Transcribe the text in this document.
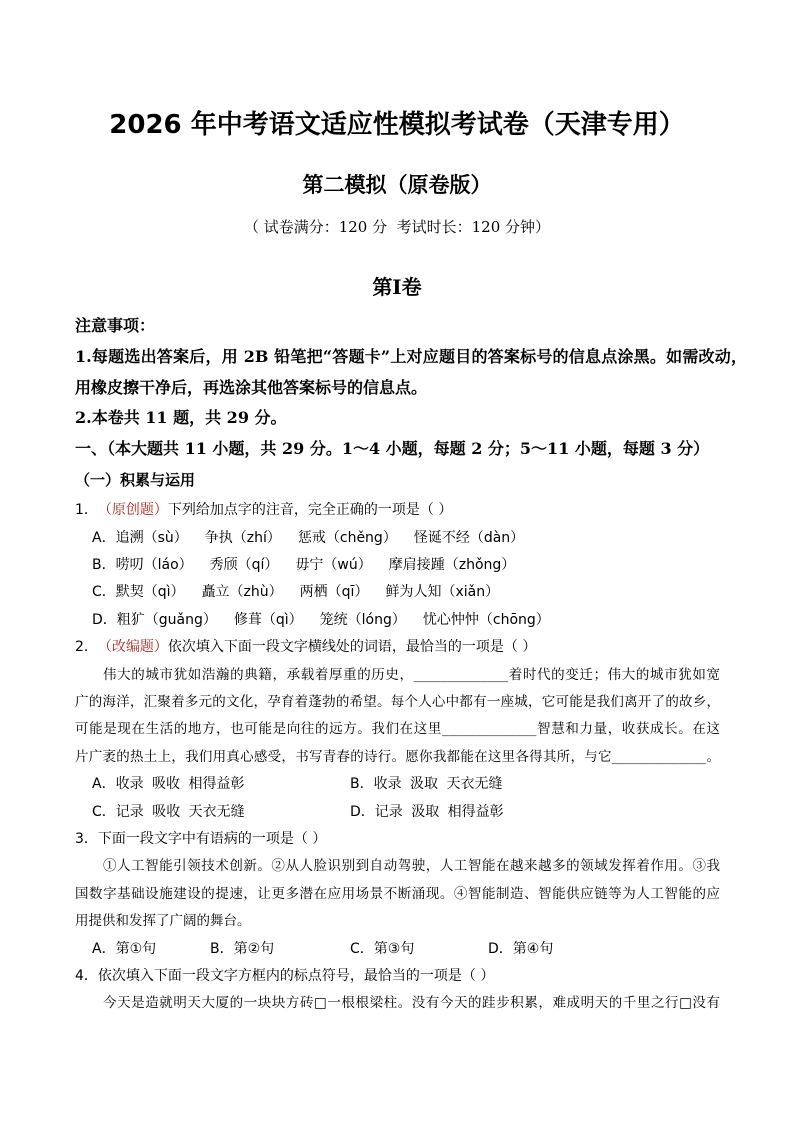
2026 年中考语文适应性模拟考试卷（天津专用）
第二模拟（原卷版）
（ 试卷满分：120 分  考试时长：120 分钟）
第Ⅰ卷
注意事项：
1.每题选出答案后，用 2B 铅笔把“答题卡”上对应题目的答案标号的信息点涂黑。如需改动，
用橡皮擦干净后，再选涂其他答案标号的信息点。
2.本卷共 11 题，共 29 分。
一、（本大题共 11 小题，共 29 分。1～4 小题，每题 2 分；5～11 小题，每题 3 分）
（一）积累与运用
1． （原创题） 下列给加点字的注音，完全正确的一项是（ ）
A． 追溯（sù） 争执（zhí） 惩戒（chěng） 怪诞不经（dàn）
B． 唠叨（láo） 秀颀（qí） 毋宁（wú） 摩肩接踵（zhǒng）
C． 默契（qì） 矗立（zhù） 两栖（qī） 鲜为人知（xiǎn）
D． 粗犷（guǎng） 修葺（qì） 笼统（lóng） 忧心忡忡（chōng）
2． （改编题） 依次填入下面一段文字横线处的词语，最恰当的一项是（ ）
伟大的城市犹如浩瀚的典籍，承载着厚重的历史，______________着时代的变迁；伟大的城市犹如宽
广的海洋，汇聚着多元的文化，孕育着蓬勃的希望。每个人心中都有一座城，它可能是我们离开了的故乡，
可能是现在生活的地方，也可能是向往的远方。我们在这里______________智慧和力量，收获成长。在这
片广袤的热土上，我们用真心感受，书写青春的诗行。愿你我都能在这里各得其所，与它______________。
A．收录 吸收 相得益彰	B．收录 汲取 天衣无缝
C．记录 吸收 天衣无缝	D．记录 汲取 相得益彰
3． 下面一段文字中有语病的一项是（ ）
①人工智能引领技术创新。②从人脸识别到自动驾驶，人工智能在越来越多的领域发挥着作用。③我
国数字基础设施建设的提速，让更多潜在应用场景不断涌现。④智能制造、智能供应链等为人工智能的应
用提供和发挥了广阔的舞台。
A．第①句	B．第②句	C．第③句	D．第④句
4． 依次填入下面一段文字方框内的标点符号，最恰当的一项是（ ）
今天是造就明天大厦的一块块方砖□一根根梁柱。没有今天的跬步积累，难成明天的千里之行□没有
